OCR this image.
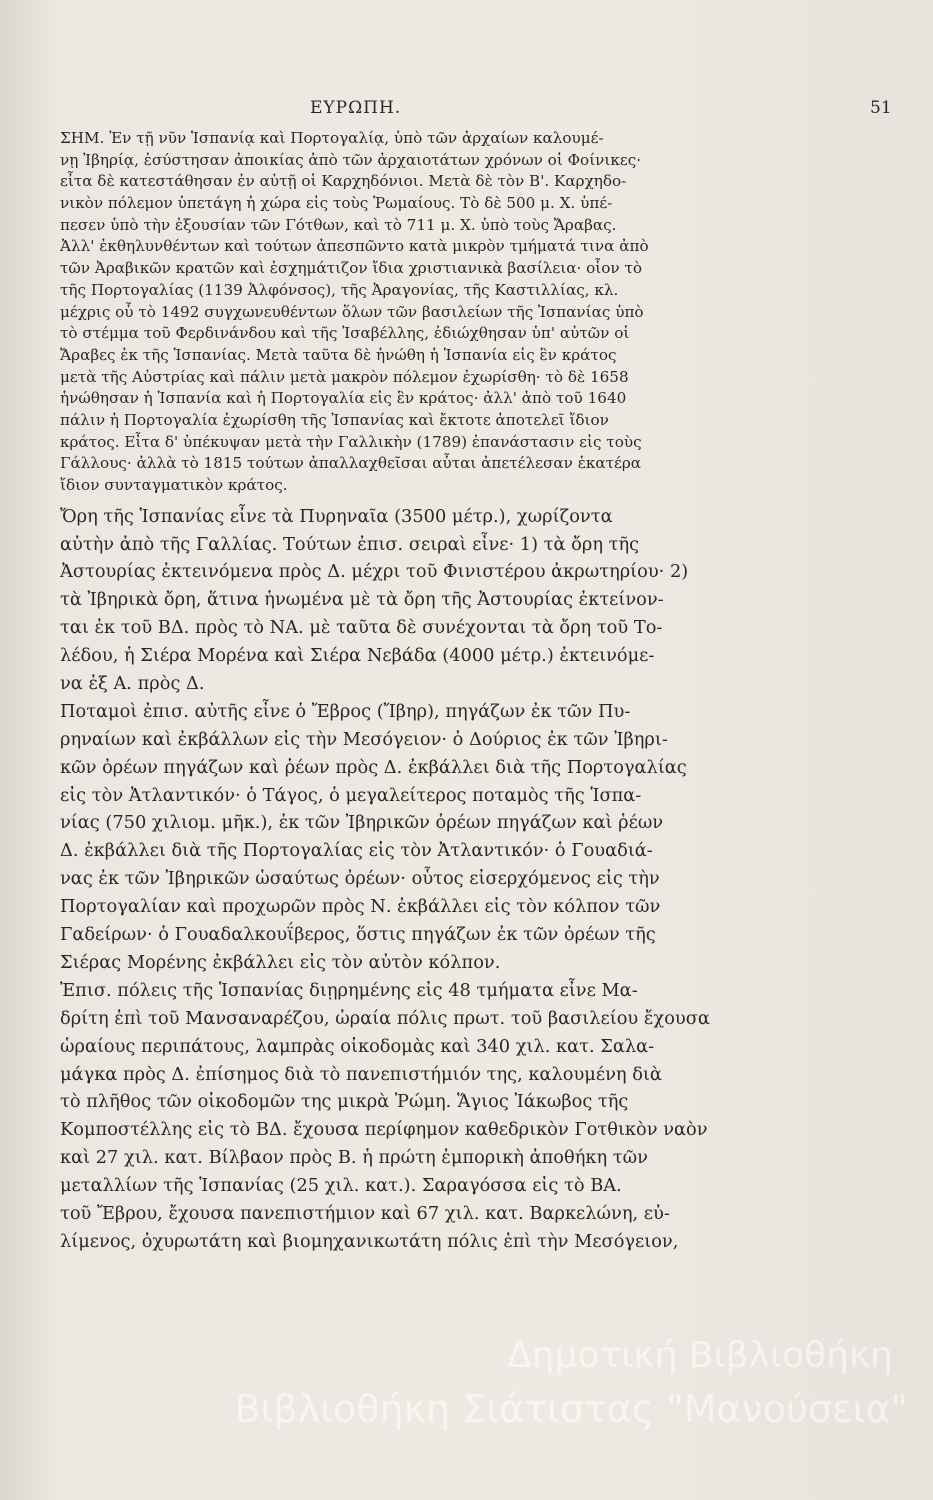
ΕΥΡΩΠΗ.	51
ΣΗΜ. Ἐν τῇ νῦν Ἱσπανίᾳ καὶ Πορτογαλίᾳ, ὑπὸ τῶν ἀρχαίων καλουμέ-
νῃ Ἰβηρίᾳ, ἐσύστησαν ἀποικίας ἀπὸ τῶν ἀρχαιοτάτων χρόνων οἱ Φοίνικες·
εἶτα δὲ κατεστάθησαν ἐν αὐτῇ οἱ Καρχηδόνιοι. Μετὰ δὲ τὸν Β'. Καρχηδο-
νικὸν πόλεμον ὑπετάγη ἡ χώρα εἰς τοὺς Ῥωμαίους. Τὸ δὲ 500 μ. Χ. ὑπέ-
πεσεν ὑπὸ τὴν ἐξουσίαν τῶν Γότθων, καὶ τὸ 711 μ. Χ. ὑπὸ τοὺς Ἄραβας.
Ἀλλ' ἐκθηλυνθέντων καὶ τούτων ἀπεσπῶντο κατὰ μικρὸν τμήματά τινα ἀπὸ
τῶν Ἀραβικῶν κρατῶν καὶ ἐσχημάτιζον ἴδια χριστιανικὰ βασίλεια· οἷον τὸ
τῆς Πορτογαλίας (1139 Ἀλφόνσος), τῆς Ἀραγονίας, τῆς Καστιλλίας, κλ.
μέχρις οὗ τὸ 1492 συγχωνευθέντων ὅλων τῶν βασιλείων τῆς Ἱσπανίας ὑπὸ
τὸ στέμμα τοῦ Φερδινάνδου καὶ τῆς Ἰσαβέλλης, ἐδιώχθησαν ὑπ' αὐτῶν οἱ
Ἄραβες ἐκ τῆς Ἱσπανίας. Μετὰ ταῦτα δὲ ἡνώθη ἡ Ἱσπανία εἰς ἓν κράτος
μετὰ τῆς Αὐστρίας καὶ πάλιν μετὰ μακρὸν πόλεμον ἐχωρίσθη· τὸ δὲ 1658
ἡνώθησαν ἡ Ἱσπανία καὶ ἡ Πορτογαλία εἰς ἓν κράτος· ἀλλ' ἀπὸ τοῦ 1640
πάλιν ἡ Πορτογαλία ἐχωρίσθη τῆς Ἱσπανίας καὶ ἔκτοτε ἀποτελεῖ ἴδιον
κράτος. Εἶτα δ' ὑπέκυψαν μετὰ τὴν Γαλλικὴν (1789) ἐπανάστασιν εἰς τοὺς
Γάλλους· ἀλλὰ τὸ 1815 τούτων ἀπαλλαχθεῖσαι αὗται ἀπετέλεσαν ἑκατέρα
ἴδιον συνταγματικὸν κράτος.
Ὄρη τῆς Ἱσπανίας εἶνε τὰ Πυρηναῖα (3500 μέτρ.), χωρίζοντα
αὐτὴν ἀπὸ τῆς Γαλλίας. Τούτων ἐπισ. σειραὶ εἶνε· 1) τὰ ὄρη τῆς
Ἀστουρίας ἐκτεινόμενα πρὸς Δ. μέχρι τοῦ Φινιστέρου ἀκρωτηρίου· 2)
τὰ Ἰβηρικὰ ὄρη, ἅτινα ἡνωμένα μὲ τὰ ὄρη τῆς Ἀστουρίας ἐκτείνον-
ται ἐκ τοῦ ΒΔ. πρὸς τὸ ΝΑ. μὲ ταῦτα δὲ συνέχονται τὰ ὄρη τοῦ Το-
λέδου, ἡ Σιέρα Μορένα καὶ Σιέρα Νεβάδα (4000 μέτρ.) ἐκτεινόμε-
να ἐξ Α. πρὸς Δ.
Ποταμοὶ ἐπισ. αὐτῆς εἶνε ὁ Ἔβρος (Ἴβηρ), πηγάζων ἐκ τῶν Πυ-
ρηναίων καὶ ἐκβάλλων εἰς τὴν Μεσόγειον· ὁ Δούριος ἐκ τῶν Ἰβηρι-
κῶν ὀρέων πηγάζων καὶ ῥέων πρὸς Δ. ἐκβάλλει διὰ τῆς Πορτογαλίας
εἰς τὸν Ἀτλαντικόν· ὁ Τάγος, ὁ μεγαλείτερος ποταμὸς τῆς Ἱσπα-
νίας (750 χιλιομ. μῆκ.), ἐκ τῶν Ἰβηρικῶν ὀρέων πηγάζων καὶ ῥέων
Δ. ἐκβάλλει διὰ τῆς Πορτογαλίας εἰς τὸν Ἀτλαντικόν· ὁ Γουαδιά-
νας ἐκ τῶν Ἰβηρικῶν ὡσαύτως ὀρέων· οὗτος εἰσερχόμενος εἰς τὴν
Πορτογαλίαν καὶ προχωρῶν πρὸς Ν. ἐκβάλλει εἰς τὸν κόλπον τῶν
Γαδείρων· ὁ Γουαδαλκουΐβερος, ὅστις πηγάζων ἐκ τῶν ὀρέων τῆς
Σιέρας Μορένης ἐκβάλλει εἰς τὸν αὐτὸν κόλπον.
Ἐπισ. πόλεις τῆς Ἱσπανίας διῃρημένης εἰς 48 τμήματα εἶνε Μα-
δρίτη ἐπὶ τοῦ Μανσαναρέζου, ὡραία πόλις πρωτ. τοῦ βασιλείου ἔχουσα
ὡραίους περιπάτους, λαμπρὰς οἰκοδομὰς καὶ 340 χιλ. κατ. Σαλα-
μάγκα πρὸς Δ. ἐπίσημος διὰ τὸ πανεπιστήμιόν της, καλουμένη διὰ
τὸ πλῆθος τῶν οἰκοδομῶν της μικρὰ Ῥώμη. Ἅγιος Ἰάκωβος τῆς
Κομποστέλλης εἰς τὸ ΒΔ. ἔχουσα περίφημον καθεδρικὸν Γοτθικὸν ναὸν
καὶ 27 χιλ. κατ. Βίλβαον πρὸς Β. ἡ πρώτη ἐμπορικὴ ἀποθήκη τῶν
μεταλλίων τῆς Ἱσπανίας (25 χιλ. κατ.). Σαραγόσσα εἰς τὸ ΒΑ.
τοῦ Ἔβρου, ἔχουσα πανεπιστήμιον καὶ 67 χιλ. κατ. Βαρκελώνη, εὐ-
λίμενος, ὀχυρωτάτη καὶ βιομηχανικωτάτη πόλις ἐπὶ τὴν Μεσόγειον,
Δημοτική Βιβλιοθήκη
Βιβλιοθήκη Σιάτιστας "Μανούσεια"
